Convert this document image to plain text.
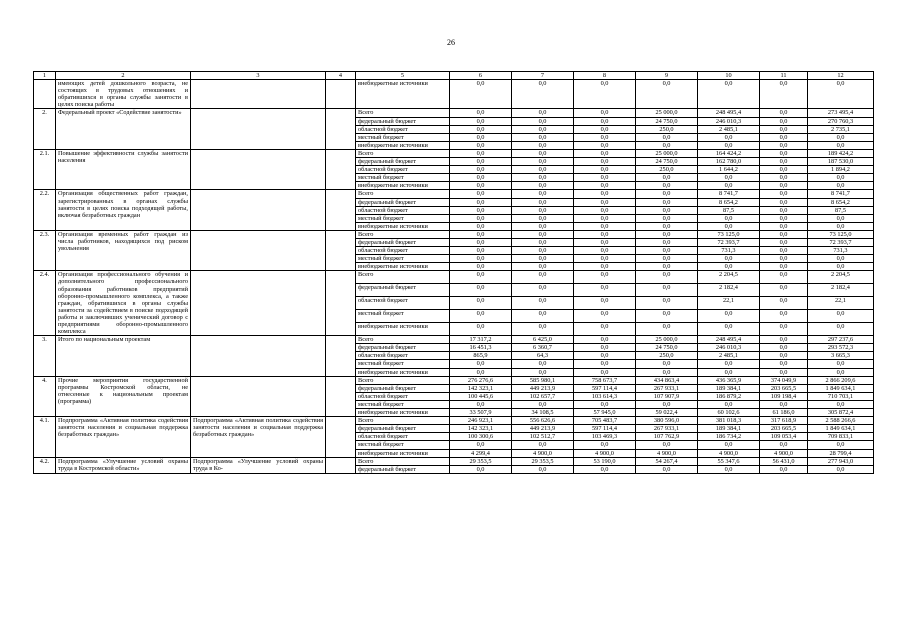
26
1	2	3	4	5	6	7	8	9	10	11	12
	имеющих детей дошкольного возраста, не состоящих в трудовых отношениях и обратившихся в органы службы занятости в целях поиска работы			внебюджетные источники	0,0	0,0	0,0	0,0	0,0	0,0	0,0
2.	Федеральный проект «Содействие занятости»			Всего	0,0	0,0	0,0	25 000,0	248 495,4	0,0	273 495,4
				федеральный бюджет	0,0	0,0	0,0	24 750,0	246 010,3	0,0	270 760,3
				областной бюджет	0,0	0,0	0,0	250,0	2 485,1	0,0	2 735,1
				местный бюджет	0,0	0,0	0,0	0,0	0,0	0,0	0,0
				внебюджетные источники	0,0	0,0	0,0	0,0	0,0	0,0	0,0
2.1.	Повышение эффективности службы занятости населения			Всего	0,0	0,0	0,0	25 000,0	164 424,2	0,0	189 424,2
				федеральный бюджет	0,0	0,0	0,0	24 750,0	162 780,0	0,0	187 530,0
				областной бюджет	0,0	0,0	0,0	250,0	1 644,2	0,0	1 894,2
				местный бюджет	0,0	0,0	0,0	0,0	0,0	0,0	0,0
				внебюджетные источники	0,0	0,0	0,0	0,0	0,0	0,0	0,0
2.2.	Организация общественных работ граждан, зарегистрированных в органах службы занятости в целях поиска подходящей работы, включая безработных граждан			Всего	0,0	0,0	0,0	0,0	8 741,7	0,0	8 741,7
				федеральный бюджет	0,0	0,0	0,0	0,0	8 654,2	0,0	8 654,2
				областной бюджет	0,0	0,0	0,0	0,0	87,5	0,0	87,5
				местный бюджет	0,0	0,0	0,0	0,0	0,0	0,0	0,0
				внебюджетные источники	0,0	0,0	0,0	0,0	0,0	0,0	0,0
2.3.	Организация временных работ граждан из числа работников, находящихся под риском увольнения			Всего	0,0	0,0	0,0	0,0	73 125,0	0,0	73 125,0
				федеральный бюджет	0,0	0,0	0,0	0,0	72 393,7	0,0	72 393,7
				областной бюджет	0,0	0,0	0,0	0,0	731,3	0,0	731,3
				местный бюджет	0,0	0,0	0,0	0,0	0,0	0,0	0,0
				внебюджетные источники	0,0	0,0	0,0	0,0	0,0	0,0	0,0
2.4.	Организация профессионального обучения и дополнительного профессионального образования работников предприятий оборонно-промышленного комплекса, а также граждан, обратившихся в органы службы занятости за содействием в поиске подходящей работы и заключивших ученический договор с предприятиями оборонно-промышленного комплекса			Всего	0,0	0,0	0,0	0,0	2 204,5	0,0	2 204,5
				федеральный бюджет	0,0	0,0	0,0	0,0	2 182,4	0,0	2 182,4
				областной бюджет	0,0	0,0	0,0	0,0	22,1	0,0	22,1
				местный бюджет	0,0	0,0	0,0	0,0	0,0	0,0	0,0
				внебюджетные источники	0,0	0,0	0,0	0,0	0,0	0,0	0,0
3.	Итого по национальным проектам			Всего	17 317,2	6 425,0	0,0	25 000,0	248 495,4	0,0	297 237,6
				федеральный бюджет	16 451,3	6 360,7	0,0	24 750,0	246 010,3	0,0	293 572,3
				областной бюджет	865,9	64,3	0,0	250,0	2 485,1	0,0	3 665,3
				местный бюджет	0,0	0,0	0,0	0,0	0,0	0,0	0,0
				внебюджетные источники	0,0	0,0	0,0	0,0	0,0	0,0	0,0
4.	Прочие мероприятия государственной программы Костромской области, не отнесенные к национальным проектам (программа)			Всего	276 276,6	585 980,1	758 673,7	434 863,4	436 365,9	374 049,9	2 866 209,6
				федеральный бюджет	142 323,1	449 213,9	597 114,4	267 933,1	189 384,1	203 665,5	1 849 634,1
				областной бюджет	100 445,6	102 657,7	103 614,3	107 907,9	186 879,2	109 198,4	710 703,1
				местный бюджет	0,0	0,0	0,0	0,0	0,0	0,0	0,0
				внебюджетные источники	33 507,9	34 108,5	57 945,0	59 022,4	60 102,6	61 186,0	305 872,4
4.1.	Подпрограмма «Активная политика содействия занятости населения и социальная поддержка безработных граждан»	Подпрограмма «Активная политика содействия занятости населения и социальная поддержка безработных граждан»		Всего	246 923,1	556 626,6	705 483,7	380 596,0	381 018,3	317 618,9	2 588 266,6
				федеральный бюджет	142 323,1	449 213,9	597 114,4	267 933,1	189 384,1	203 665,5	1 849 634,1
				областной бюджет	100 300,6	102 512,7	103 469,3	107 762,9	186 734,2	109 053,4	709 833,1
				местный бюджет	0,0	0,0	0,0	0,0	0,0	0,0	0,0
				внебюджетные источники	4 299,4	4 900,0	4 900,0	4 900,0	4 900,0	4 900,0	28 799,4
4.2.	Подпрограмма «Улучшение условий охраны труда в Костромской области»	Подпрограмма «Улучшение условий охраны труда в Ко-		Всего	29 353,5	29 353,5	53 190,0	54 267,4	55 347,6	56 431,0	277 943,0
				федеральный бюджет	0,0	0,0	0,0	0,0	0,0	0,0	0,0
